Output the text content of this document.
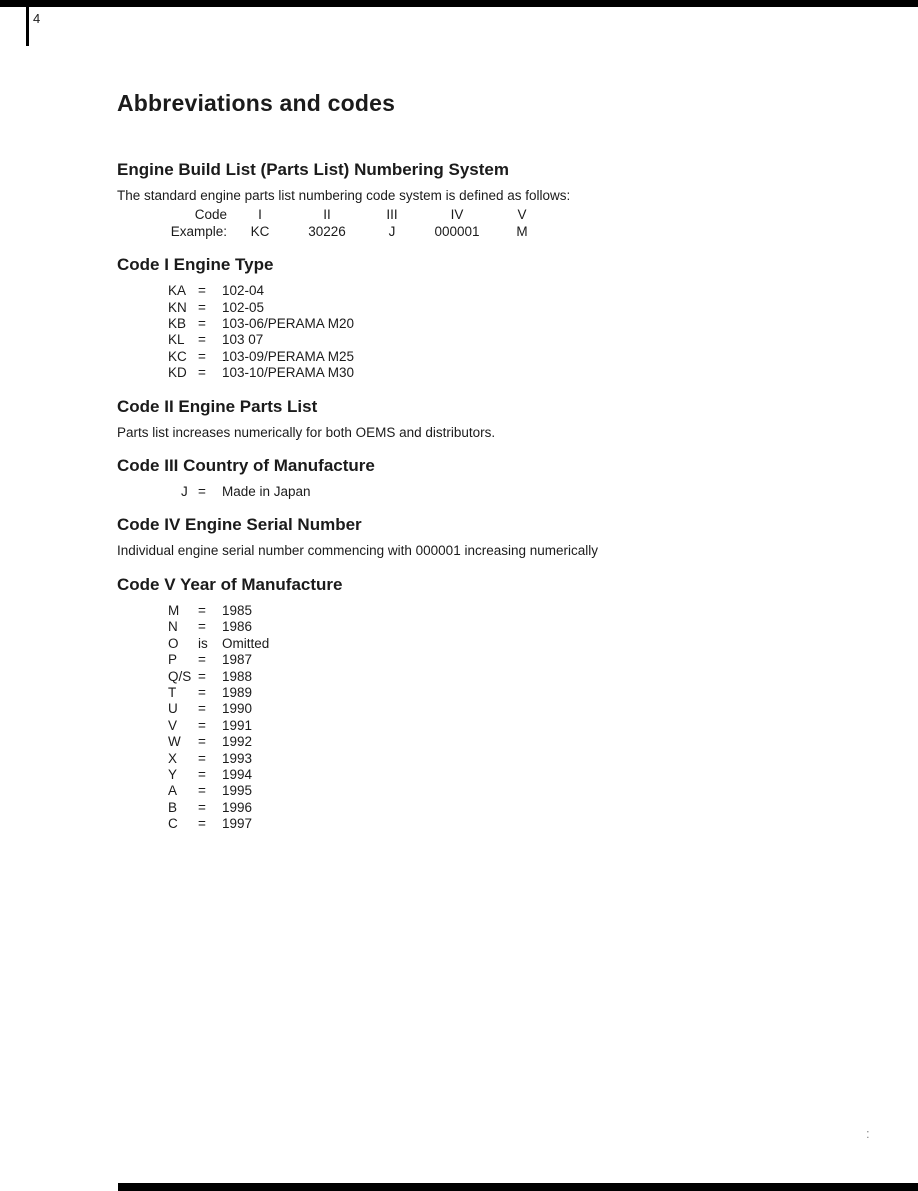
:
4
Abbreviations and codes
Engine Build List (Parts List) Numbering System

The standard engine parts list numbering code system is defined as follows:

Code	I	II	III	IV	V
Example:	KC	30226	J	000001	M
Code I Engine Type
KA =	102-04
KN =	102-05
KB =	103-06/PERAMA M20
KL =	103 07
KC =	103-09/PERAMA M25
KD =	103-10/PERAMA M30
Code II Engine Parts List

Parts list increases numerically for both OEMS and distributors.

Code III Country of Manufacture
J =	Made in Japan
Code IV Engine Serial Number

Individual engine serial number commencing with 000001 increasing numerically

Code V Year of Manufacture
M	=	1985
N	=	1986
O	is	Omitted
P	=	1987
Q/S =	1988
T	=	1989
U	=	1990
V	=	1991
W	=	1992
X	=	1993
Y	=	1994
A	=	1995
B	=	1996
C	=	1997
